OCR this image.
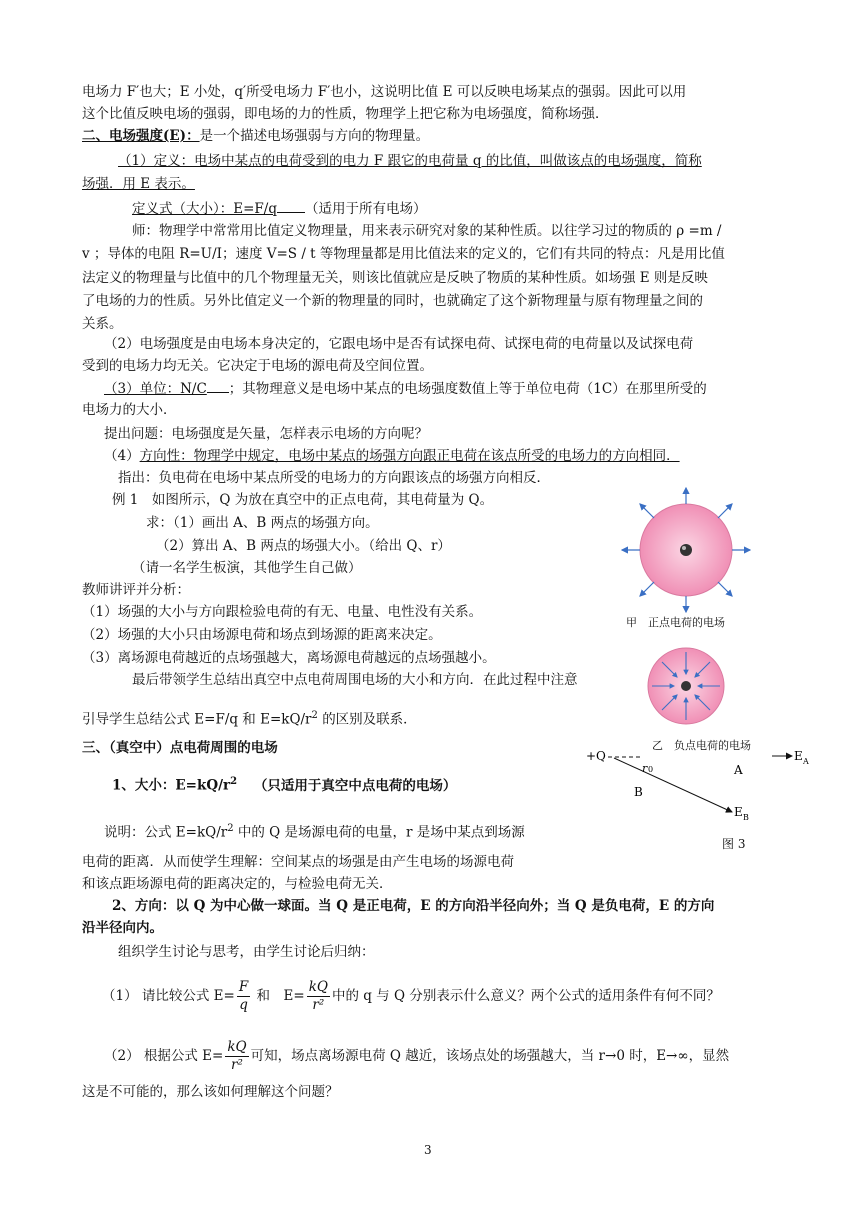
电场力 F′也大；E 小处，q′所受电场力 F′也小，这说明比值 E 可以反映电场某点的强弱。因此可以用
这个比值反映电场的强弱，即电场的力的性质，物理学上把它称为电场强度，简称场强．
二、电场强度(E)：是一个描述电场强弱与方向的物理量。
（1）定义：电场中某点的电荷受到的电力 F 跟它的电荷量 q 的比值，叫做该点的电场强度，简称
场强．用 E 表示。
定义式（大小）：E=F/q （适用于所有电场）
师：物理学中常常用比值定义物理量，用来表示研究对象的某种性质。以往学习过的物质的 ρ =m /
v ；导体的电阻 R=U/I；速度 V=S / t 等物理量都是用比值法来的定义的，它们有共同的特点：凡是用比值
法定义的物理量与比值中的几个物理量无关，则该比值就应是反映了物质的某种性质。如场强 E 则是反映
了电场的力的性质。另外比值定义一个新的物理量的同时，也就确定了这个新物理量与原有物理量之间的
关系。
（2）电场强度是由电场本身决定的，它跟电场中是否有试探电荷、试探电荷的电荷量以及试探电荷
受到的电场力均无关。它决定于电场的源电荷及空间位置。
（3）单位：N/C ；其物理意义是电场中某点的电场强度数值上等于单位电荷（1C）在那里所受的
电场力的大小．
提出问题：电场强度是矢量，怎样表示电场的方向呢？
（4）方向性：物理学中规定，电场中某点的场强方向跟正电荷在该点所受的电场力的方向相同．
指出：负电荷在电场中某点所受的电场力的方向跟该点的场强方向相反．
例 1　如图所示，Q 为放在真空中的正点电荷，其电荷量为 Q。
求：（1）画出 A、B 两点的场强方向。
（2）算出 A、B 两点的场强大小。（给出 Q、r）
（请一名学生板演，其他学生自己做）
教师讲评并分析：
（1）场强的大小与方向跟检验电荷的有无、电量、电性没有关系。
（2）场强的大小只由场源电荷和场点到场源的距离来决定。
（3）离场源电荷越近的点场强越大，离场源电荷越远的点场强越小。
最后带领学生总结出真空中点电荷周围电场的大小和方向．在此过程中注意
引导学生总结公式 E=F/q 和 $E=kQ/r^2$ 的区别及联系．
三、（真空中）点电荷周围的电场
1、大小：$E=kQ/r^2$ （只适用于真空中点电荷的电场）
说明：公式 $E=kQ/r^2$ 中的 Q 是场源电荷的电量，r 是场中某点到场源
电荷的距离．从而使学生理解：空间某点的场强是由产生电场的场源电荷
和该点距场源电荷的距离决定的，与检验电荷无关．
2、方向：以 Q 为中心做一球面。当 Q 是正电荷，E 的方向沿半径向外；当 Q 是负电荷，E 的方向
沿半径向内。
组织学生讨论与思考，由学生讨论后归纳：
（1） 请比较公式 $E= \frac{F}{q}$ 和　$E= \frac{kQ}{\text{r²}}$ 中的 q 与 Q 分别表示什么意义？两个公式的适用条件有何不同？
（2） 根据公式 $E= \frac{kQ}{\text{r²}}$ 可知，场点离场源电荷 Q 越近，该场点处的场强越大，当 r→0 时，E→∞，显然
这是不可能的，那么该如何理解这个问题？
甲　正点电荷的电场
乙　负点电荷的电场
+Q
r 0	A
B
E A
E B
图 3
3
